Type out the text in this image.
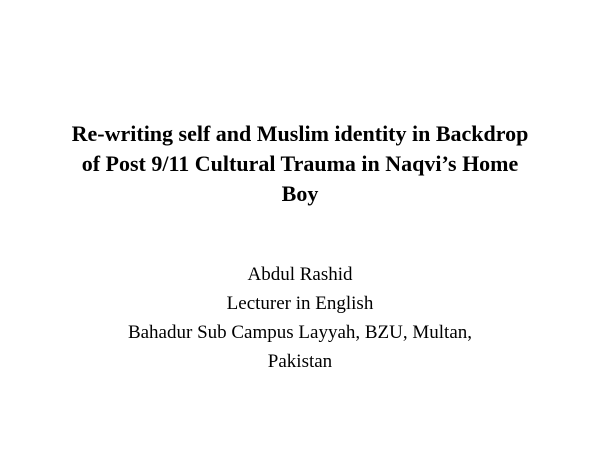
Re-writing self and Muslim identity in Backdrop
of Post 9/11 Cultural Trauma in Naqvi’s Home
Boy
Abdul Rashid
Lecturer in English
Bahadur Sub Campus Layyah, BZU, Multan,
Pakistan
